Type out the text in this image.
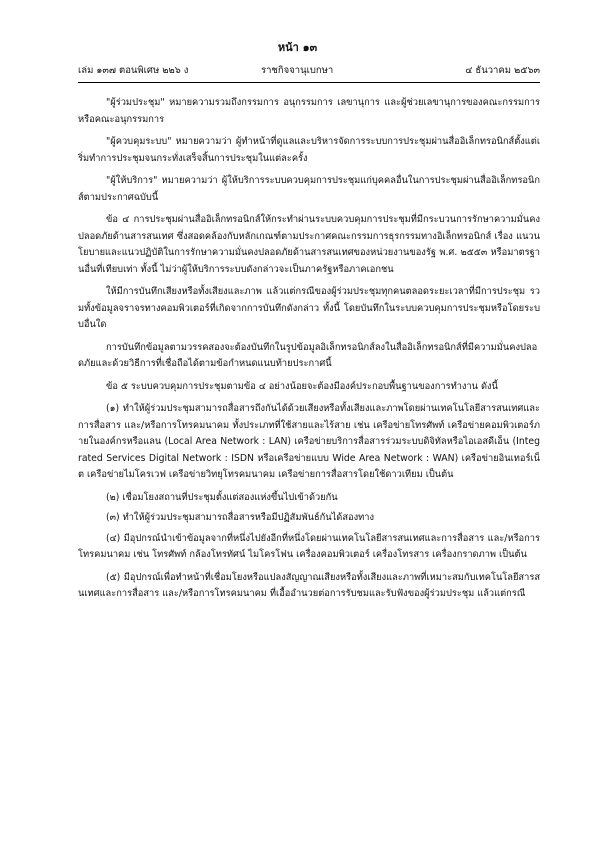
หน้า ๑๓
เล่ม ๑๓๗ ตอนพิเศษ ๒๒๖ ง	ราชกิจจานุเบกษา	๔ ธันวาคม ๒๕๖๓

"ผู้ร่วมประชุม" หมายความรวมถึงกรรมการ อนุกรรมการ เลขานุการ และผู้ช่วยเลขานุการของคณะกรรมการหรือคณะอนุกรรมการ

"ผู้ควบคุมระบบ" หมายความว่า ผู้ทำหน้าที่ดูแลและบริหารจัดการระบบการประชุมผ่านสื่ออิเล็กทรอนิกส์ตั้งแต่เริ่มทำการประชุมจนกระทั่งเสร็จสิ้นการประชุมในแต่ละครั้ง

"ผู้ให้บริการ" หมายความว่า ผู้ให้บริการระบบควบคุมการประชุมแก่บุคคลอื่นในการประชุมผ่านสื่ออิเล็กทรอนิกส์ตามประกาศฉบับนี้

ข้อ ๔ การประชุมผ่านสื่ออิเล็กทรอนิกส์ให้กระทำผ่านระบบควบคุมการประชุมที่มีกระบวนการรักษาความมั่นคงปลอดภัยด้านสารสนเทศ ซึ่งสอดคล้องกับหลักเกณฑ์ตามประกาศคณะกรรมการธุรกรรมทางอิเล็กทรอนิกส์ เรื่อง แนวนโยบายและแนวปฏิบัติในการรักษาความมั่นคงปลอดภัยด้านสารสนเทศของหน่วยงานของรัฐ พ.ศ. ๒๕๕๓ หรือมาตรฐานอื่นที่เทียบเท่า ทั้งนี้ ไม่ว่าผู้ให้บริการระบบดังกล่าวจะเป็นภาครัฐหรือภาคเอกชน

ให้มีการบันทึกเสียงหรือทั้งเสียงและภาพ แล้วแต่กรณีของผู้ร่วมประชุมทุกคนตลอดระยะเวลาที่มีการประชุม รวมทั้งข้อมูลจราจรทางคอมพิวเตอร์ที่เกิดจากการบันทึกดังกล่าว ทั้งนี้ โดยบันทึกในระบบควบคุมการประชุมหรือโดยระบบอื่นใด

การบันทึกข้อมูลตามวรรคสองจะต้องบันทึกในรูปข้อมูลอิเล็กทรอนิกส์ลงในสื่ออิเล็กทรอนิกส์ที่มีความมั่นคงปลอดภัยและด้วยวิธีการที่เชื่อถือได้ตามข้อกำหนดแนบท้ายประกาศนี้

ข้อ ๕ ระบบควบคุมการประชุมตามข้อ ๔ อย่างน้อยจะต้องมีองค์ประกอบพื้นฐานของการทำงาน ดังนี้

(๑) ทำให้ผู้ร่วมประชุมสามารถสื่อสารถึงกันได้ด้วยเสียงหรือทั้งเสียงและภาพโดยผ่านเทคโนโลยีสารสนเทศและการสื่อสาร และ/หรือการโทรคมนาคม ทั้งประเภทที่ใช้สายและไร้สาย เช่น เครือข่ายโทรศัพท์ เครือข่ายคอมพิวเตอร์ภายในองค์กรหรือแลน (Local Area Network : LAN) เครือข่ายบริการสื่อสารร่วมระบบดิจิทัลหรือไอเอสดีเอ็น (Integrated Services Digital Network : ISDN หรือเครือข่ายแบบ Wide Area Network : WAN) เครือข่ายอินเทอร์เน็ต เครือข่ายไมโครเวฟ เครือข่ายวิทยุโทรคมนาคม เครือข่ายการสื่อสารโดยใช้ดาวเทียม เป็นต้น

(๒) เชื่อมโยงสถานที่ประชุมตั้งแต่สองแห่งขึ้นไปเข้าด้วยกัน

(๓) ทำให้ผู้ร่วมประชุมสามารถสื่อสารหรือมีปฏิสัมพันธ์กันได้สองทาง

(๔) มีอุปกรณ์นำเข้าข้อมูลจากที่หนึ่งไปยังอีกที่หนึ่งโดยผ่านเทคโนโลยีสารสนเทศและการสื่อสาร และ/หรือการโทรคมนาคม เช่น โทรศัพท์ กล้องโทรทัศน์ ไมโครโฟน เครื่องคอมพิวเตอร์ เครื่องโทรสาร เครื่องกราดภาพ เป็นต้น

(๕) มีอุปกรณ์เพื่อทำหน้าที่เชื่อมโยงหรือแปลงสัญญาณเสียงหรือทั้งเสียงและภาพที่เหมาะสมกับเทคโนโลยีสารสนเทศและการสื่อสาร และ/หรือการโทรคมนาคม ที่เอื้ออำนวยต่อการรับชมและรับฟังของผู้ร่วมประชุม แล้วแต่กรณี
